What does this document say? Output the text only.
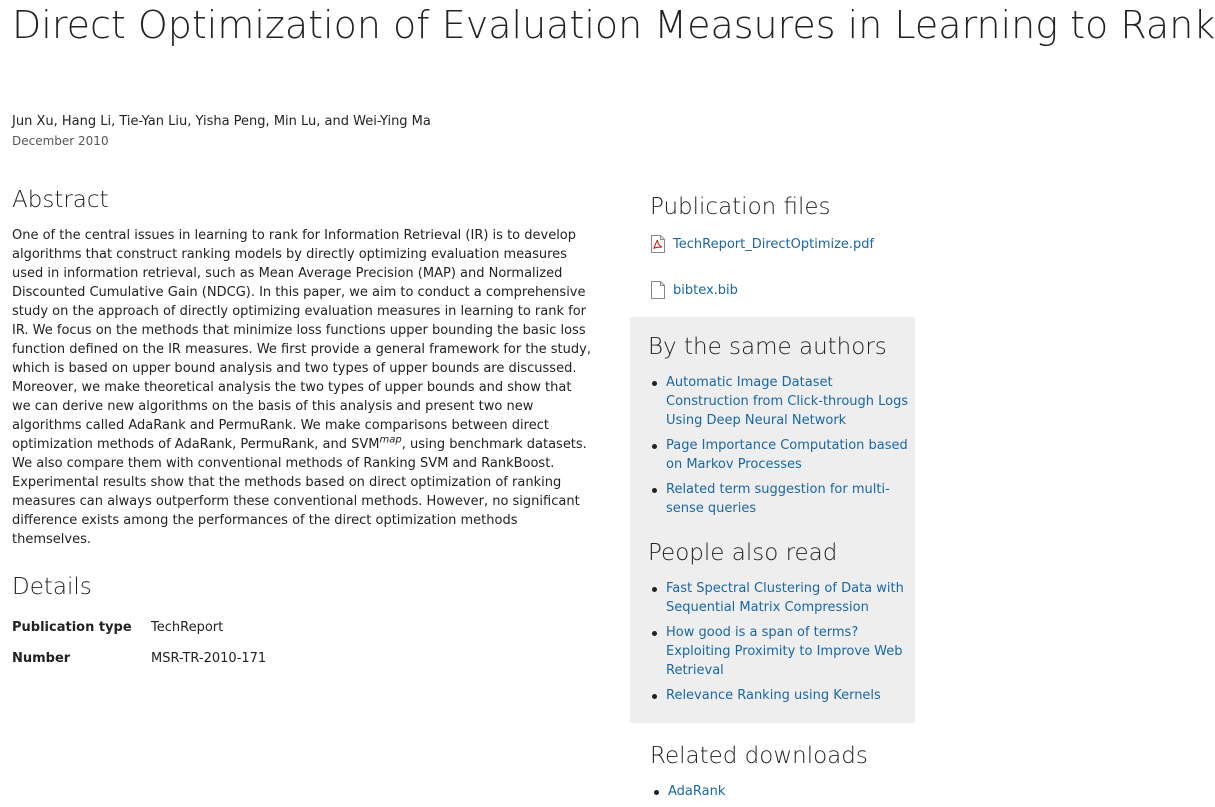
Direct Optimization of Evaluation Measures in Learning to Rank
Jun Xu, Hang Li, Tie-Yan Liu, Yisha Peng, Min Lu, and Wei-Ying Ma
December 2010
Abstract

One of the central issues in learning to rank for Information Retrieval (IR) is to develop algorithms that construct ranking models by directly optimizing evaluation measures used in information retrieval, such as Mean Average Precision (MAP) and Normalized Discounted Cumulative Gain (NDCG). In this paper, we aim to conduct a comprehensive study on the approach of directly optimizing evaluation measures in learning to rank for IR. We focus on the methods that minimize loss functions upper bounding the basic loss function defined on the IR measures. We first provide a general framework for the study, which is based on upper bound analysis and two types of upper bounds are discussed. Moreover, we make theoretical analysis the two types of upper bounds and show that we can derive new algorithms on the basis of this analysis and present two new algorithms called AdaRank and PermuRank. We make comparisons between direct optimization methods of AdaRank, PermuRank, and $SVM^{map}$, using benchmark datasets. We also compare them with conventional methods of Ranking SVM and RankBoost. Experimental results show that the methods based on direct optimization of ranking measures can always outperform these conventional methods. However, no significant difference exists among the performances of the direct optimization methods themselves.

Details
Publication type TechReport
Number	MSR-TR-2010-171
Publication files
TechReport_DirectOptimize.pdf
bibtex.bib
By the same authors
Automatic Image Dataset Construction from Click-through Logs Using Deep Neural Network
Page Importance Computation based on Markov Processes
Related term suggestion for multi-sense queries
People also read
Fast Spectral Clustering of Data with Sequential Matrix Compression
How good is a span of terms? Exploiting Proximity to Improve Web Retrieval
Relevance Ranking using Kernels
Related downloads
AdaRank
